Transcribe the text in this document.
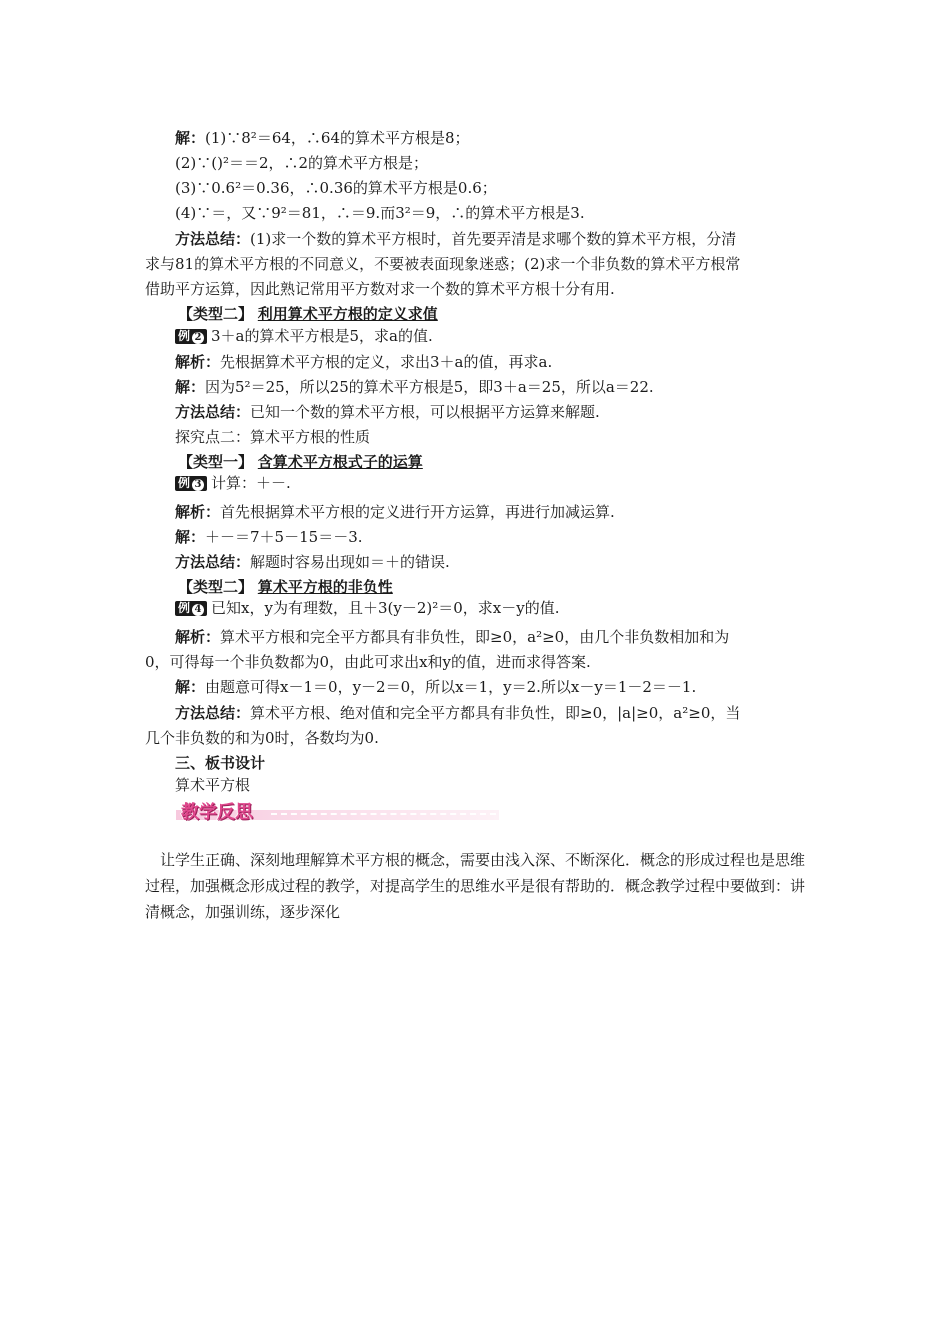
解：(1)∵8²＝64，∴64的算术平方根是8；
(2)∵()²＝＝2，∴2的算术平方根是；
(3)∵0.6²＝0.36，∴0.36的算术平方根是0.6；
(4)∵＝，又∵9²＝81，∴＝9.而3²＝9，∴的算术平方根是3.
方法总结：(1)求一个数的算术平方根时，首先要弄清是求哪个数的算术平方根，分清
求与81的算术平方根的不同意义，不要被表面现象迷惑；(2)求一个非负数的算术平方根常
借助平方运算，因此熟记常用平方数对求一个数的算术平方根十分有用.
【类型二】 利用算术平方根的定义求值
例 2 3＋a的算术平方根是5，求a的值.
解析：先根据算术平方根的定义，求出3＋a的值，再求a.
解：因为5²＝25，所以25的算术平方根是5，即3＋a＝25，所以a＝22.
方法总结：已知一个数的算术平方根，可以根据平方运算来解题.
探究点二：算术平方根的性质
【类型一】 含算术平方根式子的运算
例 3 计算：＋－.
解析：首先根据算术平方根的定义进行开方运算，再进行加减运算.
解：＋－＝7＋5－15＝－3.
方法总结：解题时容易出现如＝＋的错误.
【类型二】 算术平方根的非负性
例 4 已知x，y为有理数，且＋3(y－2)²＝0，求x－y的值.
解析：算术平方根和完全平方都具有非负性，即≥0，a²≥0，由几个非负数相加和为
0，可得每一个非负数都为0，由此可求出x和y的值，进而求得答案.
解：由题意可得x－1＝0，y－2＝0，所以x＝1，y＝2.所以x－y＝1－2＝－1.
方法总结：算术平方根、绝对值和完全平方都具有非负性，即≥0，|a|≥0，a²≥0，当
几个非负数的和为0时，各数均为0.
三、板书设计
算术平方根
教学反思
让学生正确、深刻地理解算术平方根的概念，需要由浅入深、不断深化．概念的形成过程也是思维过程，加强概念形成过程的教学，对提高学生的思维水平是很有帮助的．概念教学过程中要做到：讲清概念，加强训练，逐步深化
